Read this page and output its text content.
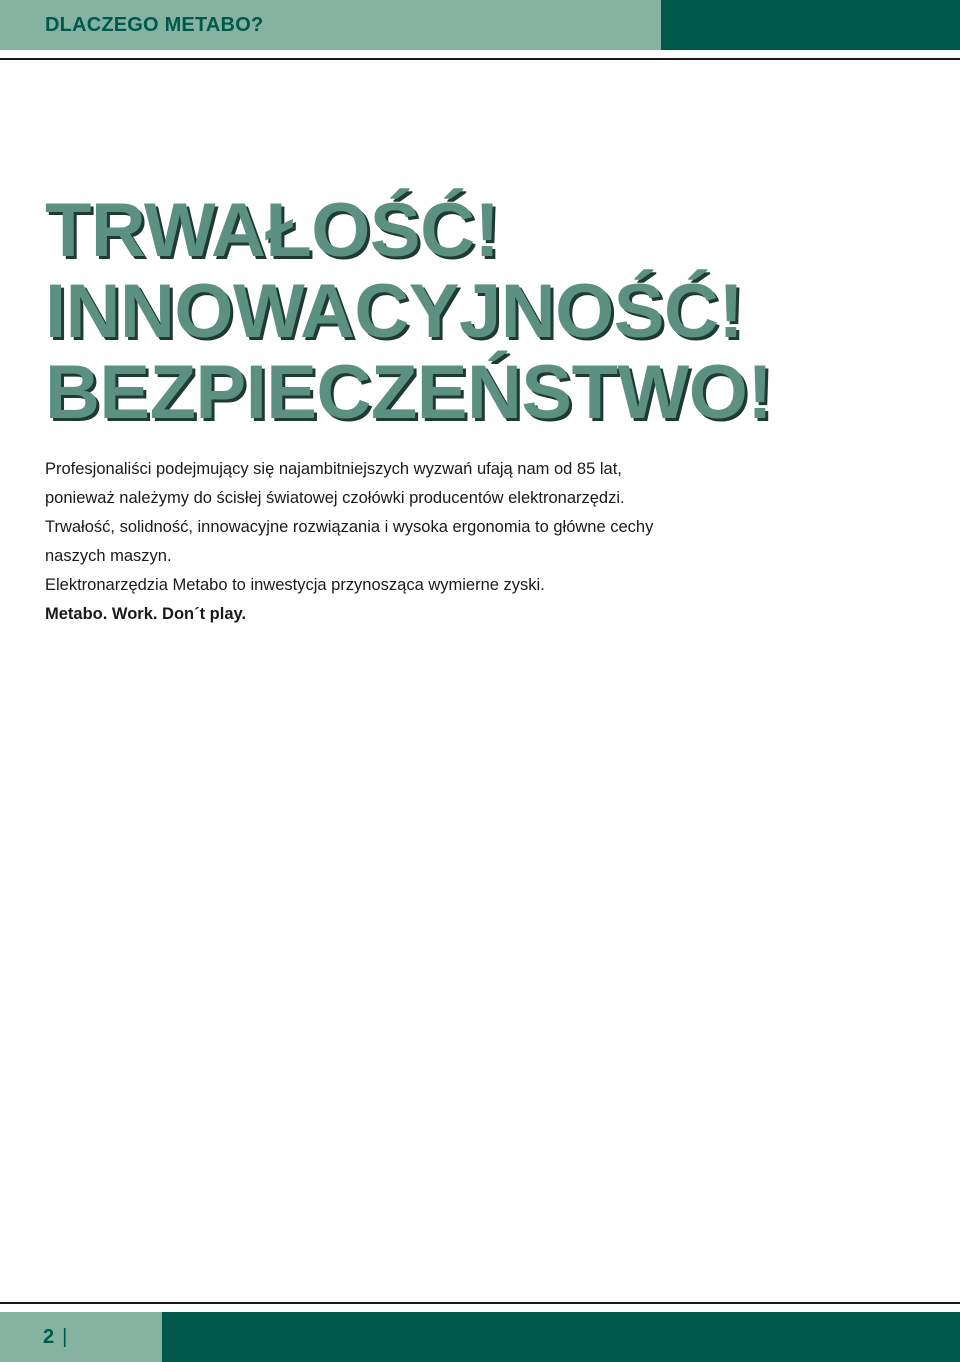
DLACZEGO METABO?
TRWAŁOŚĆ!
INNOWACYJNOŚĆ!
BEZPIECZEŃSTWO!

Profesjonaliści podejmujący się najambitniejszych wyzwań ufają nam od 85 lat,

ponieważ należymy do ścisłej światowej czołówki producentów elektronarzędzi.

Trwałość, solidność, innowacyjne rozwiązania i wysoka ergonomia to główne cechy

naszych maszyn.

Elektronarzędzia Metabo to inwestycja przynosząca wymierne zyski.

Metabo. Work. Don´t play.

2 |
